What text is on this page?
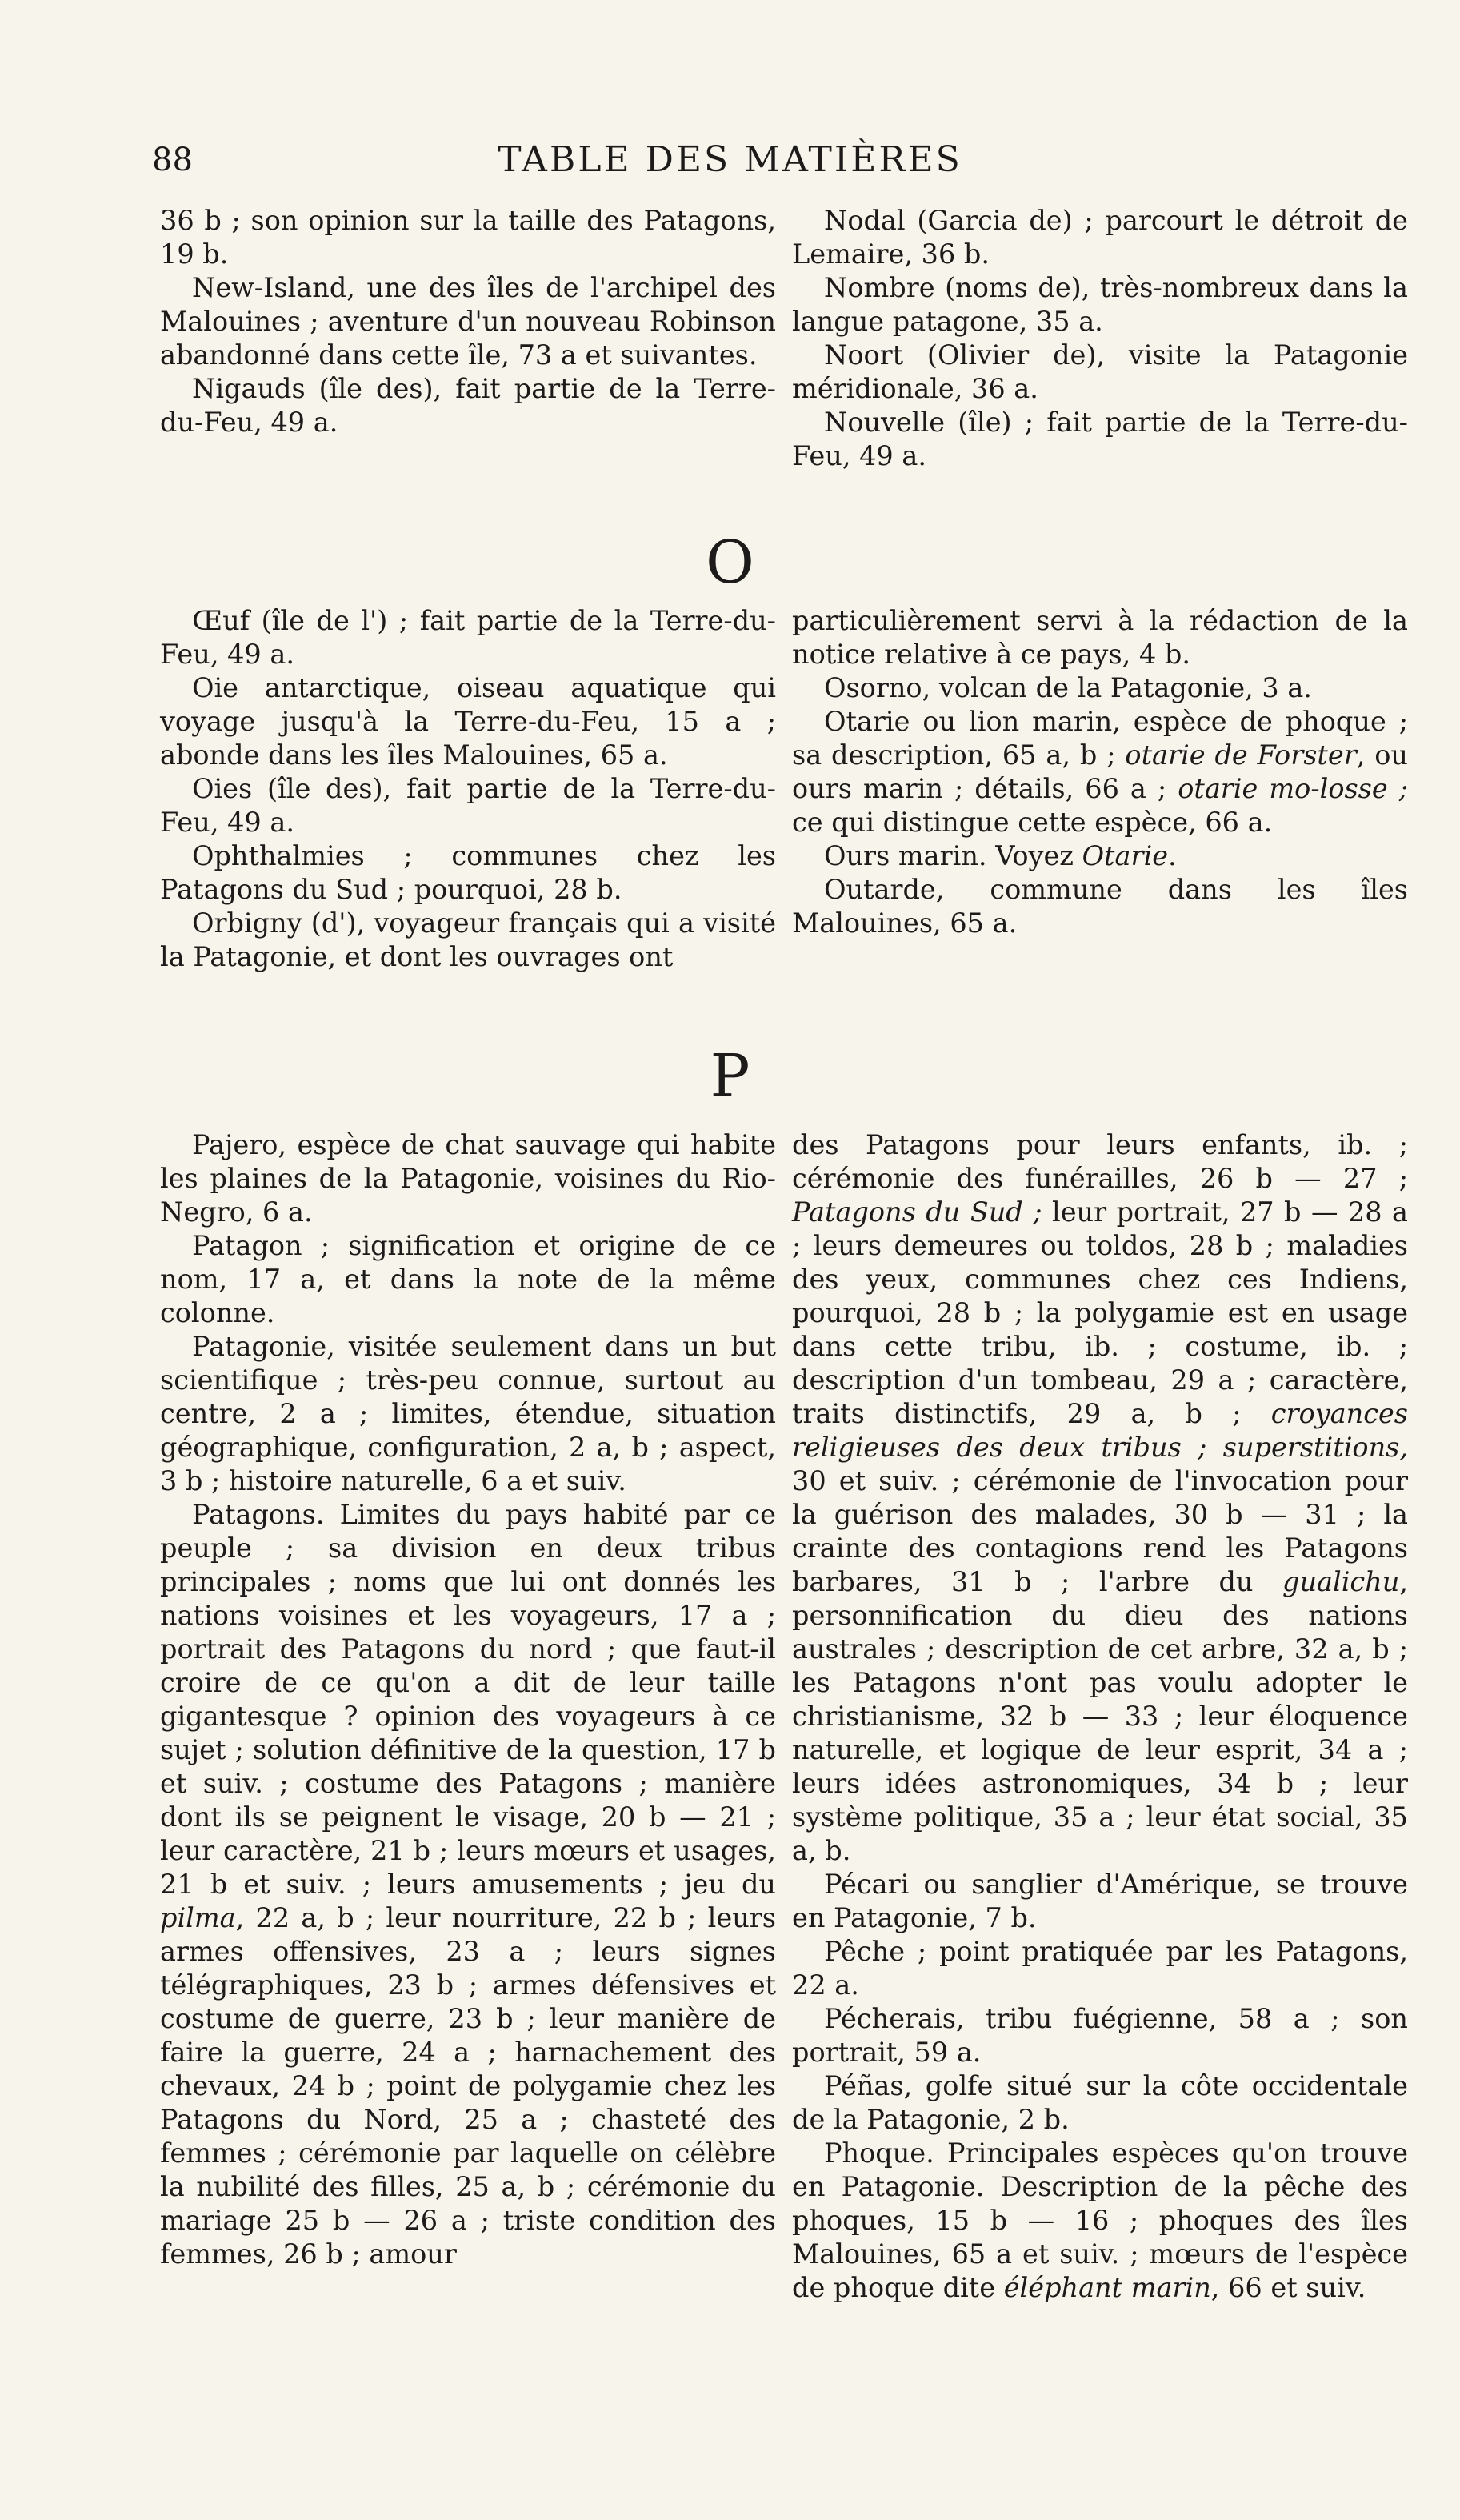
88	TABLE DES MATIÈRES

36 b ; son opinion sur la taille des Patagons, 19 b.

New-Island, une des îles de l'archipel des Malouines ; aventure d'un nouveau Robinson abandonné dans cette île, 73 a et suivantes.

Nigauds (île des), fait partie de la Terre-du-Feu, 49 a.

Nodal (Garcia de) ; parcourt le détroit de Lemaire, 36 b.

Nombre (noms de), très-nombreux dans la langue patagone, 35 a.

Noort (Olivier de), visite la Patagonie méridionale, 36 a.

Nouvelle (île) ; fait partie de la Terre-du-Feu, 49 a.

O

Œuf (île de l') ; fait partie de la Terre-du-Feu, 49 a.

Oie antarctique, oiseau aquatique qui voyage jusqu'à la Terre-du-Feu, 15 a ; abonde dans les îles Malouines, 65 a.

Oies (île des), fait partie de la Terre-du-Feu, 49 a.

Ophthalmies ; communes chez les Patagons du Sud ; pourquoi, 28 b.

Orbigny (d'), voyageur français qui a visité la Patagonie, et dont les ouvrages ont

particulièrement servi à la rédaction de la notice relative à ce pays, 4 b.

Osorno, volcan de la Patagonie, 3 a.

Otarie ou lion marin, espèce de phoque ; sa description, 65 a, b ; otarie de Forster, ou ours marin ; détails, 66 a ; otarie mo-losse ; ce qui distingue cette espèce, 66 a.

Ours marin. Voyez Otarie.

Outarde, commune dans les îles Malouines, 65 a.

P

Pajero, espèce de chat sauvage qui habite les plaines de la Patagonie, voisines du Rio-Negro, 6 a.

Patagon ; signification et origine de ce nom, 17 a, et dans la note de la même colonne.

Patagonie, visitée seulement dans un but scientifique ; très-peu connue, surtout au centre, 2 a ; limites, étendue, situation géographique, configuration, 2 a, b ; aspect, 3 b ; histoire naturelle, 6 a et suiv.

Patagons. Limites du pays habité par ce peuple ; sa division en deux tribus principales ; noms que lui ont donnés les nations voisines et les voyageurs, 17 a ; portrait des Patagons du nord ; que faut-il croire de ce qu'on a dit de leur taille gigantesque ? opinion des voyageurs à ce sujet ; solution définitive de la question, 17 b et suiv. ; costume des Patagons ; manière dont ils se peignent le visage, 20 b — 21 ; leur caractère, 21 b ; leurs mœurs et usages, 21 b et suiv. ; leurs amusements ; jeu du pilma, 22 a, b ; leur nourriture, 22 b ; leurs armes offensives, 23 a ; leurs signes télégraphiques, 23 b ; armes défensives et costume de guerre, 23 b ; leur manière de faire la guerre, 24 a ; harnachement des chevaux, 24 b ; point de polygamie chez les Patagons du Nord, 25 a ; chasteté des femmes ; cérémonie par laquelle on célèbre la nubilité des filles, 25 a, b ; cérémonie du mariage 25 b — 26 a ; triste condition des femmes, 26 b ; amour

des Patagons pour leurs enfants, ib. ; cérémonie des funérailles, 26 b — 27 ; Patagons du Sud ; leur portrait, 27 b — 28 a ; leurs demeures ou toldos, 28 b ; maladies des yeux, communes chez ces Indiens, pourquoi, 28 b ; la polygamie est en usage dans cette tribu, ib. ; costume, ib. ; description d'un tombeau, 29 a ; caractère, traits distinctifs, 29 a, b ; croyances religieuses des deux tribus ; superstitions, 30 et suiv. ; cérémonie de l'invocation pour la guérison des malades, 30 b — 31 ; la crainte des contagions rend les Patagons barbares, 31 b ; l'arbre du gualichu, personnification du dieu des nations australes ; description de cet arbre, 32 a, b ; les Patagons n'ont pas voulu adopter le christianisme, 32 b — 33 ; leur éloquence naturelle, et logique de leur esprit, 34 a ; leurs idées astronomiques, 34 b ; leur système politique, 35 a ; leur état social, 35 a, b.

Pécari ou sanglier d'Amérique, se trouve en Patagonie, 7 b.

Pêche ; point pratiquée par les Patagons, 22 a.

Pécherais, tribu fuégienne, 58 a ; son portrait, 59 a.

Péñas, golfe situé sur la côte occidentale de la Patagonie, 2 b.

Phoque. Principales espèces qu'on trouve en Patagonie. Description de la pêche des phoques, 15 b — 16 ; phoques des îles Malouines, 65 a et suiv. ; mœurs de l'espèce de phoque dite éléphant marin, 66 et suiv.
